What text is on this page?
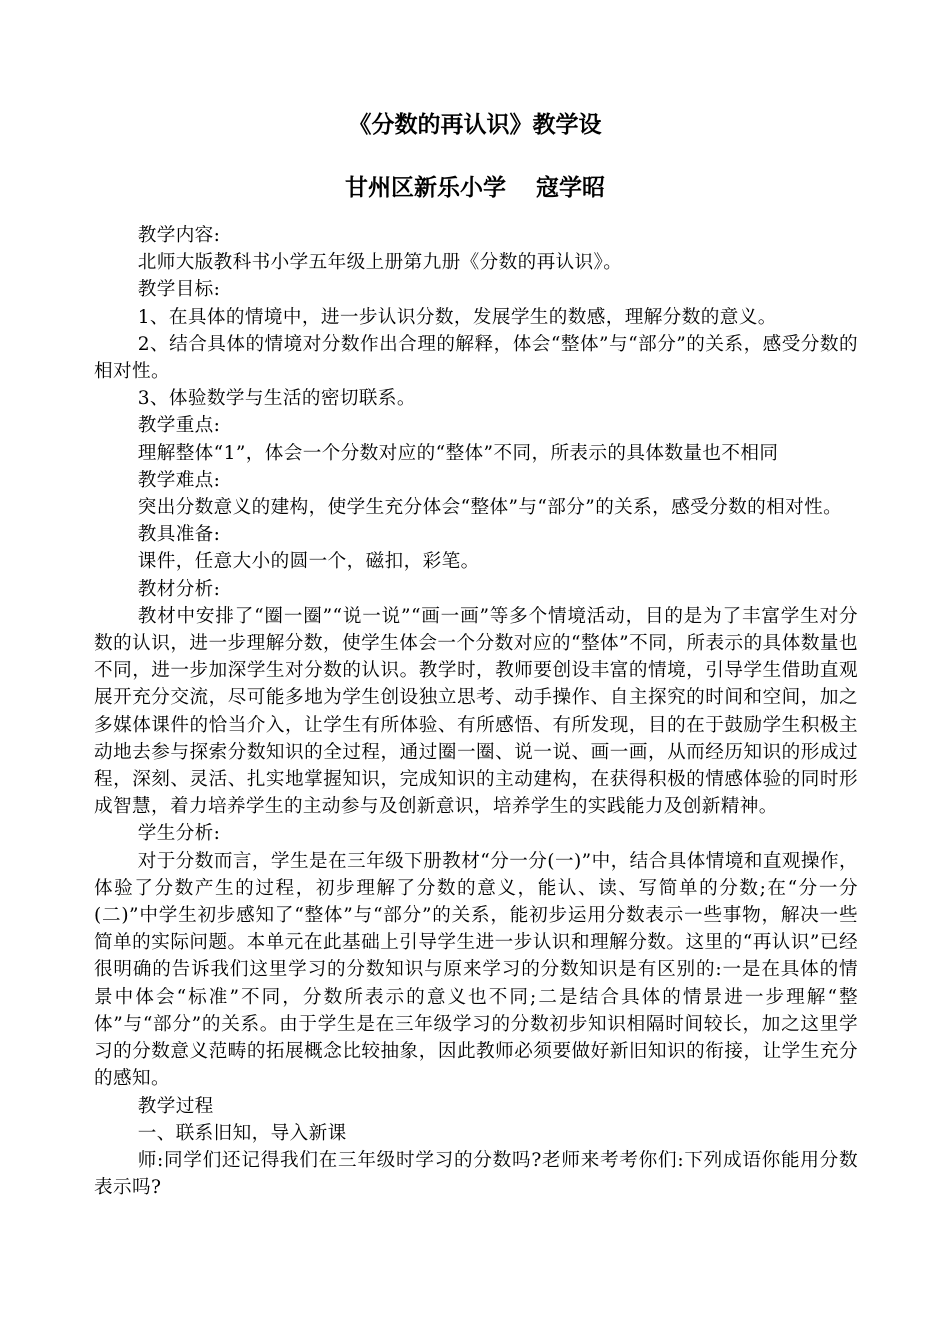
《分数的再认识》教学设
甘州区新乐小学 寇学昭

教学内容:

北师大版教科书小学五年级上册第九册《分数的再认识》。

教学目标:

1、在具体的情境中，进一步认识分数，发展学生的数感，理解分数的意义。

2、结合具体的情境对分数作出合理的解释，体会“整体”与“部分”的关系，感受分数的相对性。

3、体验数学与生活的密切联系。

教学重点:

理解整体“1”，体会一个分数对应的“整体”不同，所表示的具体数量也不相同

教学难点:

突出分数意义的建构，使学生充分体会“整体”与“部分”的关系，感受分数的相对性。

教具准备:

课件，任意大小的圆一个，磁扣，彩笔。

教材分析:

教材中安排了“圈一圈”“说一说”“画一画”等多个情境活动，目的是为了丰富学生对分数的认识，进一步理解分数，使学生体会一个分数对应的“整体”不同，所表示的具体数量也不同，进一步加深学生对分数的认识。教学时，教师要创设丰富的情境，引导学生借助直观展开充分交流，尽可能多地为学生创设独立思考、动手操作、自主探究的时间和空间，加之多媒体课件的恰当介入，让学生有所体验、有所感悟、有所发现，目的在于鼓励学生积极主动地去参与探索分数知识的全过程，通过圈一圈、说一说、画一画，从而经历知识的形成过程，深刻、灵活、扎实地掌握知识，完成知识的主动建构，在获得积极的情感体验的同时形成智慧，着力培养学生的主动参与及创新意识，培养学生的实践能力及创新精神。

学生分析:

对于分数而言，学生是在三年级下册教材“分一分(一)”中，结合具体情境和直观操作，体验了分数产生的过程，初步理解了分数的意义，能认、读、写简单的分数;在“分一分(二)”中学生初步感知了“整体”与“部分”的关系，能初步运用分数表示一些事物，解决一些简单的实际问题。本单元在此基础上引导学生进一步认识和理解分数。这里的“再认识”已经很明确的告诉我们这里学习的分数知识与原来学习的分数知识是有区别的:一是在具体的情景中体会“标准”不同，分数所表示的意义也不同;二是结合具体的情景进一步理解“整体”与“部分”的关系。由于学生是在三年级学习的分数初步知识相隔时间较长，加之这里学习的分数意义范畴的拓展概念比较抽象，因此教师必须要做好新旧知识的衔接，让学生充分的感知。

教学过程

一、联系旧知，导入新课

师:同学们还记得我们在三年级时学习的分数吗?老师来考考你们:下列成语你能用分数表示吗?
